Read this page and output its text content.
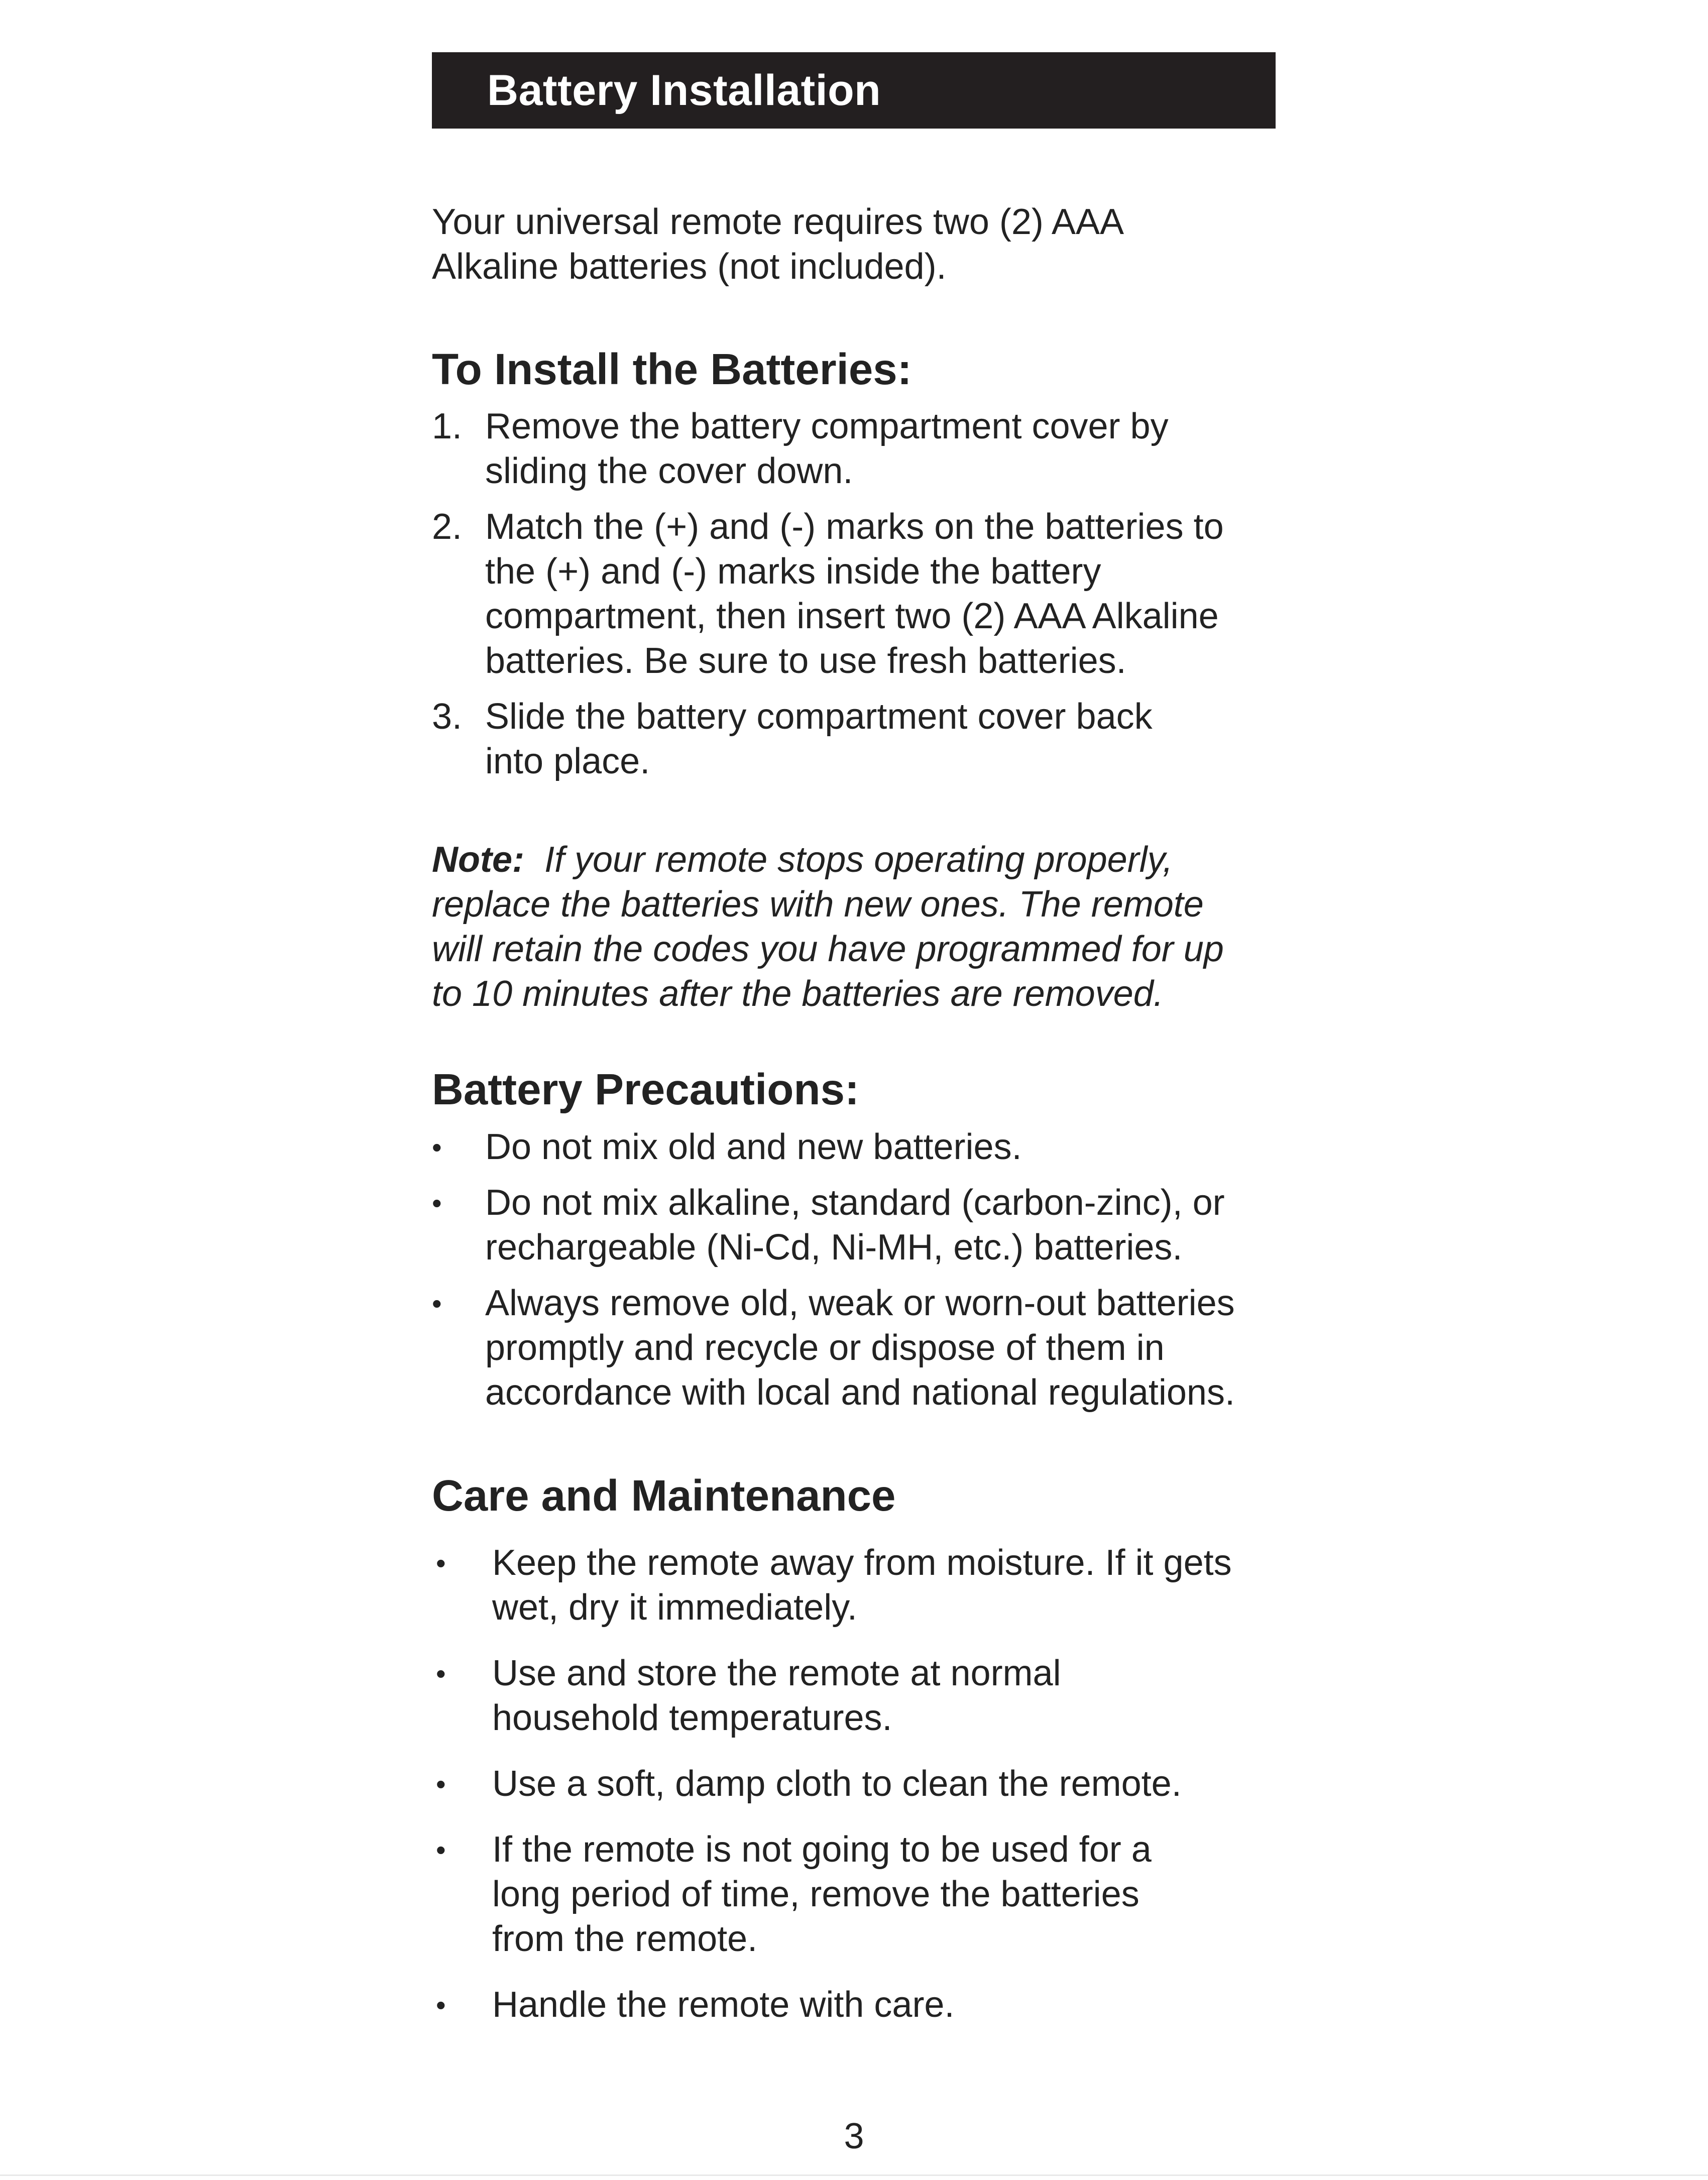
Battery Installation

Your universal remote requires two (2) AAA Alkaline batteries (not included).

To Install the Batteries:
1. Remove the battery compartment cover by sliding the cover down.
2. Match the (+) and (-) marks on the batteries to the (+) and (-) marks inside the battery compartment, then insert two (2) AAA Alkaline batteries. Be sure to use fresh batteries.
3. Slide the battery compartment cover back into place.

Note: If your remote stops operating properly, replace the batteries with new ones. The remote will retain the codes you have programmed for up to 10 minutes after the batteries are removed.

Battery Precautions:
•	Do not mix old and new batteries.
•	Do not mix alkaline, standard (carbon-zinc), or rechargeable (Ni-Cd, Ni-MH, etc.) batteries.
•	Always remove old, weak or worn-out batteries promptly and recycle or dispose of them in accordance with local and national regulations.
Care and Maintenance
•	Keep the remote away from moisture. If it gets wet, dry it immediately.
•	Use and store the remote at normal household temperatures.
•	Use a soft, damp cloth to clean the remote.
•	If the remote is not going to be used for a long period of time, remove the batteries from the remote.
•	Handle the remote with care.
3
